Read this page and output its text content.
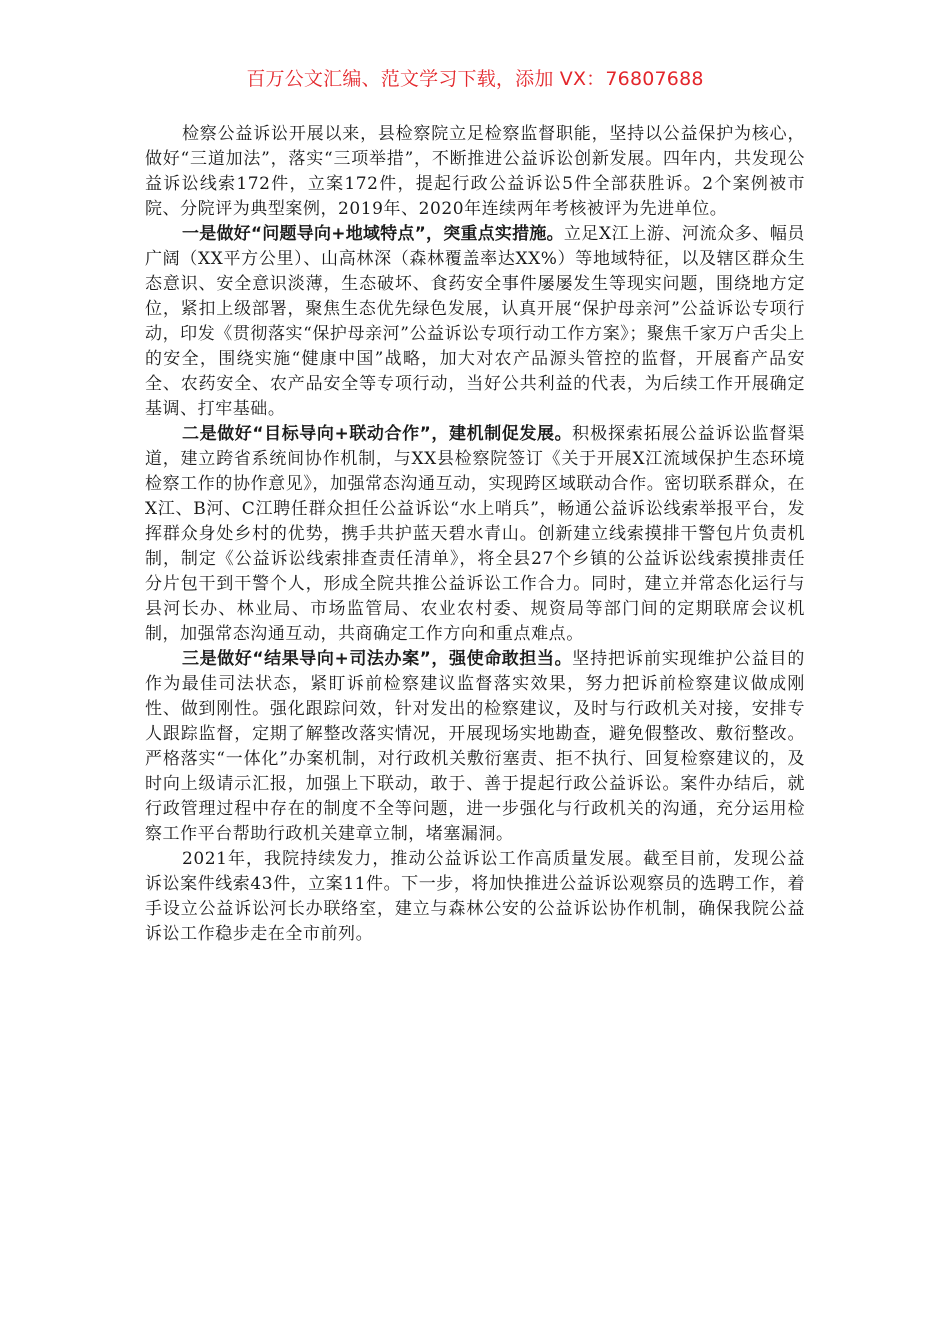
百万公文汇编、范文学习下载，添加 VX：76807688

检察公益诉讼开展以来，县检察院立足检察监督职能，坚持以公益保护为核心，做好“三道加法”，落实“三项举措”，不断推进公益诉讼创新发展。四年内，共发现公益诉讼线索172件，立案172件，提起行政公益诉讼5件全部获胜诉。2个案例被市院、分院评为典型案例，2019年、2020年连续两年考核被评为先进单位。

一是做好“问题导向+地域特点”，突重点实措施。立足X江上游、河流众多、幅员广阔（XX平方公里）、山高林深（森林覆盖率达XX%）等地域特征，以及辖区群众生态意识、安全意识淡薄，生态破坏、食药安全事件屡屡发生等现实问题，围绕地方定位，紧扣上级部署，聚焦生态优先绿色发展，认真开展“保护母亲河”公益诉讼专项行动，印发《贯彻落实“保护母亲河”公益诉讼专项行动工作方案》；聚焦千家万户舌尖上的安全，围绕实施“健康中国”战略，加大对农产品源头管控的监督，开展畜产品安全、农药安全、农产品安全等专项行动，当好公共利益的代表，为后续工作开展确定基调、打牢基础。

二是做好“目标导向+联动合作”，建机制促发展。积极探索拓展公益诉讼监督渠道，建立跨省系统间协作机制，与XX县检察院签订《关于开展X江流域保护生态环境检察工作的协作意见》，加强常态沟通互动，实现跨区域联动合作。密切联系群众，在X江、B河、C江聘任群众担任公益诉讼“水上哨兵”，畅通公益诉讼线索举报平台，发挥群众身处乡村的优势，携手共护蓝天碧水青山。创新建立线索摸排干警包片负责机制，制定《公益诉讼线索排查责任清单》，将全县27个乡镇的公益诉讼线索摸排责任分片包干到干警个人，形成全院共推公益诉讼工作合力。同时，建立并常态化运行与县河长办、林业局、市场监管局、农业农村委、规资局等部门间的定期联席会议机制，加强常态沟通互动，共商确定工作方向和重点难点。

三是做好“结果导向+司法办案”，强使命敢担当。坚持把诉前实现维护公益目的作为最佳司法状态，紧盯诉前检察建议监督落实效果，努力把诉前检察建议做成刚性、做到刚性。强化跟踪问效，针对发出的检察建议，及时与行政机关对接，安排专人跟踪监督，定期了解整改落实情况，开展现场实地勘查，避免假整改、敷衍整改。严格落实“一体化”办案机制，对行政机关敷衍塞责、拒不执行、回复检察建议的，及时向上级请示汇报，加强上下联动，敢于、善于提起行政公益诉讼。案件办结后，就行政管理过程中存在的制度不全等问题，进一步强化与行政机关的沟通，充分运用检察工作平台帮助行政机关建章立制，堵塞漏洞。

2021年，我院持续发力，推动公益诉讼工作高质量发展。截至目前，发现公益诉讼案件线索43件，立案11件。下一步，将加快推进公益诉讼观察员的选聘工作，着手设立公益诉讼河长办联络室，建立与森林公安的公益诉讼协作机制，确保我院公益诉讼工作稳步走在全市前列。
